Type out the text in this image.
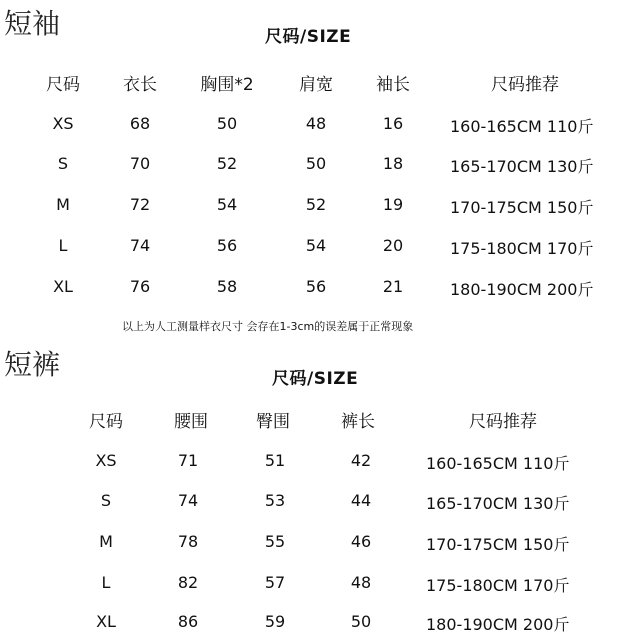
短袖	尺码/SIZE
尺码	衣长	胸围*2	肩宽	袖长	尺码推荐
XS	68	50	48	16	160-165CM 110斤
S	70	52	50	18	165-170CM 130斤
M	72	54	52	19	170-175CM 150斤
L	74	56	54	20	175-180CM 170斤
XL	76	58	56	21	180-190CM 200斤
以上为人工测量样衣尺寸 会存在1-3cm的误差属于正常现象
短裤	尺码/SIZE
尺码	腰围	臀围	裤长	尺码推荐
XS	71	51	42	160-165CM 110斤
S	74	53	44	165-170CM 130斤
M	78	55	46	170-175CM 150斤
L	82	57	48	175-180CM 170斤
XL	86	59	50	180-190CM 200斤
